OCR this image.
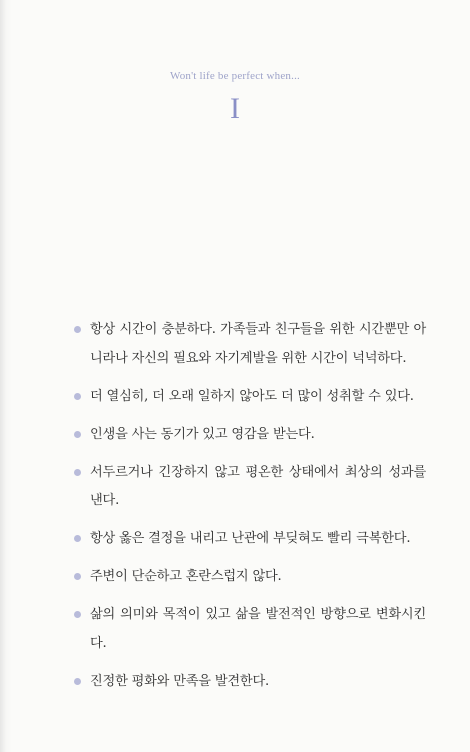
Won't life be perfect when...
I
항상 시간이 충분하다. 가족들과 친구들을 위한 시간뿐만 아니라나 자신의 필요와 자기계발을 위한 시간이 넉넉하다.
더 열심히, 더 오래 일하지 않아도 더 많이 성취할 수 있다.
인생을 사는 동기가 있고 영감을 받는다.
서두르거나 긴장하지 않고 평온한 상태에서 최상의 성과를 낸다.
항상 옳은 결정을 내리고 난관에 부딪혀도 빨리 극복한다.
주변이 단순하고 혼란스럽지 않다.
삶의 의미와 목적이 있고 삶을 발전적인 방향으로 변화시킨다.
진정한 평화와 만족을 발견한다.
